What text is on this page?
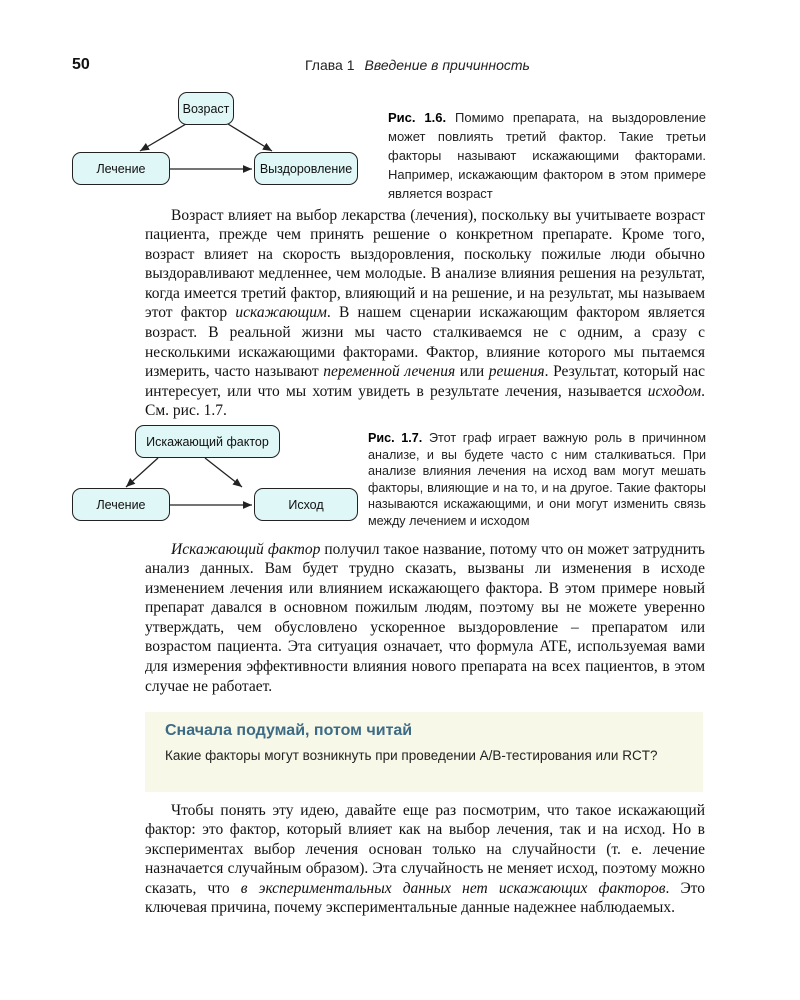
50	Глава 1 Введение в причинность
Возраст
Лечение	Выздоровление
Рис. 1.6. Помимо препарата, на выздоровление может повлиять третий фактор. Такие третьи факторы называют искажающими факторами. Например, искажающим фактором в этом примере является возраст

Возраст влияет на выбор лекарства (лечения), поскольку вы учитываете возраст пациента, прежде чем принять решение о конкретном препарате. Кроме того, возраст влияет на скорость выздоровления, поскольку пожилые люди обычно выздоравливают медленнее, чем молодые. В анализе влияния решения на результат, когда имеется третий фактор, влияющий и на решение, и на результат, мы называем этот фактор искажающим. В нашем сценарии искажающим фактором является возраст. В реальной жизни мы часто сталкиваемся не с одним, а сразу с несколькими искажающими факторами. Фактор, влияние которого мы пытаемся измерить, часто называют переменной лечения или решения. Результат, который нас интересует, или что мы хотим увидеть в результате лечения, называется исходом. См. рис. 1.7.

Искажающий фактор
Лечение	Исход
Рис. 1.7. Этот граф играет важную роль в причинном анализе, и вы будете часто с ним сталкиваться. При анализе влияния лечения на исход вам могут мешать факторы, влияющие и на то, и на другое. Такие факторы называются искажающими, и они могут изменить связь между лечением и исходом

Искажающий фактор получил такое название, потому что он может затруднить анализ данных. Вам будет трудно сказать, вызваны ли изменения в исходе изменением лечения или влиянием искажающего фактора. В этом примере новый препарат давался в основном пожилым людям, поэтому вы не можете уверенно утверждать, чем обусловлено ускоренное выздоровление – препаратом или возрастом пациента. Эта ситуация означает, что формула ATE, используемая вами для измерения эффективности влияния нового препарата на всех пациентов, в этом случае не работает.

Сначала подумай, потом читай
Какие факторы могут возникнуть при проведении A/B-тестирования или RCT?

Чтобы понять эту идею, давайте еще раз посмотрим, что такое искажающий фактор: это фактор, который влияет как на выбор лечения, так и на исход. Но в экспериментах выбор лечения основан только на случайности (т. е. лечение назначается случайным образом). Эта случайность не меняет исход, поэтому можно сказать, что в экспериментальных данных нет искажающих факторов. Это ключевая причина, почему экспериментальные данные надежнее наблюдаемых.
